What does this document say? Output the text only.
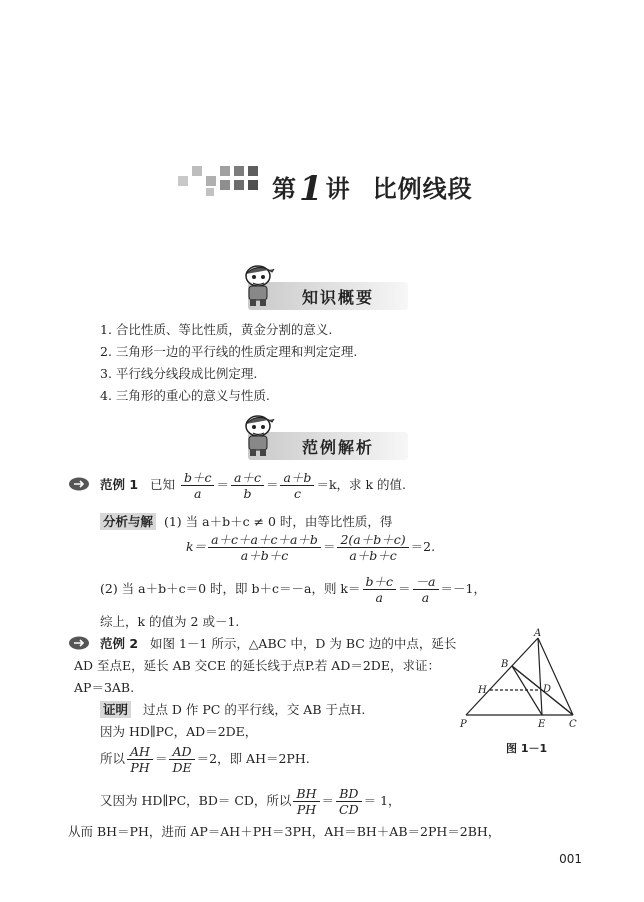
第1讲 比例线段
知识概要
1. 合比性质、等比性质，黄金分割的意义.
2. 三角形一边的平行线的性质定理和判定定理.
3. 平行线分线段成比例定理.
4. 三角形的重心的意义与性质.
范例解析
范例 1 已知 $\frac{b+c}{a} = \frac{a+c}{b} = \frac{a+b}{c} =k$，求 k 的值.
分析与解 (1) 当 a＋b＋c ≠ 0 时，由等比性质，得
$k= \frac{a+c+a+c+a+b}{a+b+c} = \frac{2(a+b+c)}{a+b+c} =2$.
(2) 当 a＋b＋c＝0 时，即 b＋c＝－a，则 $k= \frac{b+c}{a} = \frac{-a}{a} =-1$，
综上，k 的值为 2 或－1.
范例 2 如图 1－1 所示，△ABC 中，D 为 BC 边的中点，延长
AD 至点E，延长 AB 交CE 的延长线于点P.若 AD＝2DE，求证：
AP＝3AB.
证明 过点 D 作 PC 的平行线，交 AB 于点H.
因为 HD∥PC，AD＝2DE，
所以 $\frac{AH}{PH} = \frac{AD}{DE} =2$，即 AH＝2PH.
又因为 HD∥PC，BD＝ CD，所以 $\frac{BH}{PH} = \frac{BD}{CD} = 1$，
从而 BH＝PH，进而 AP＝AH＋PH＝3PH，AH＝BH＋AB＝2PH＝2BH，
A
B
H	D
P	E C
图 1－1
001
